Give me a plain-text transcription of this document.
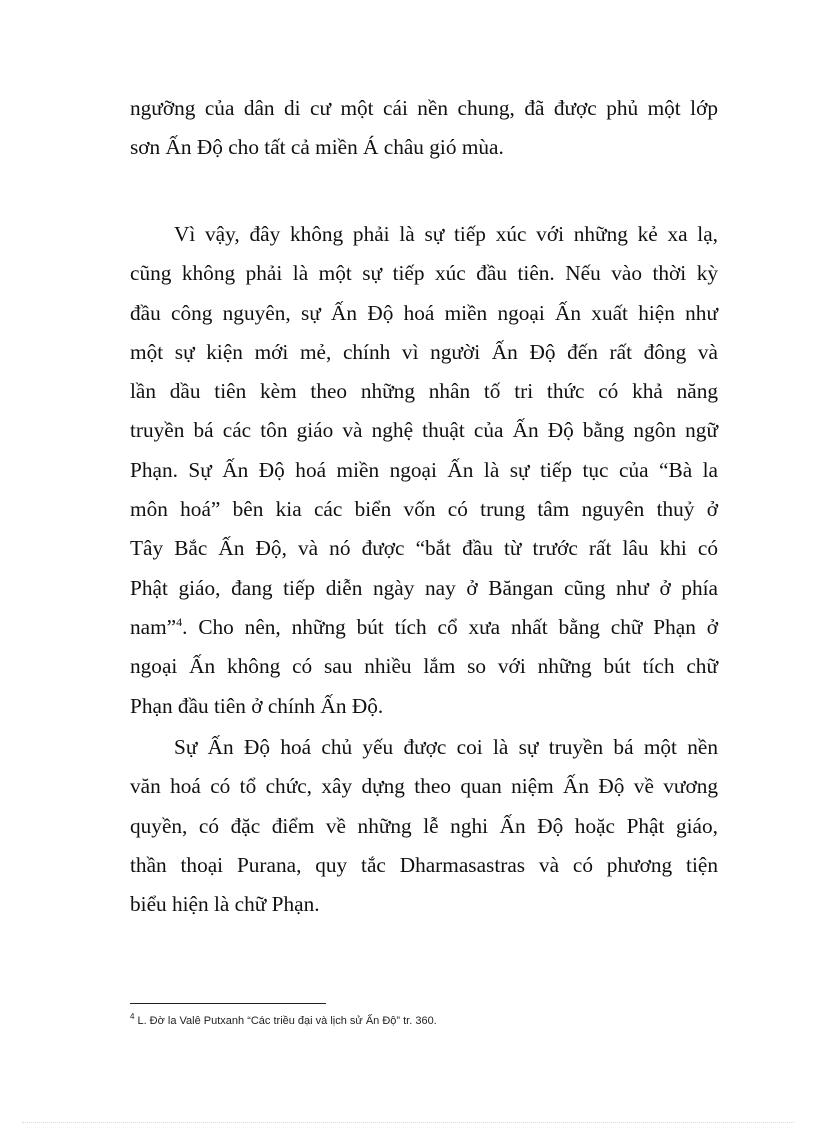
ngưỡng của dân di cư một cái nền chung, đã được phủ một lớp
sơn Ấn Độ cho tất cả miền Á châu gió mùa.
Vì vậy, đây không phải là sự tiếp xúc với những kẻ xa lạ,
cũng không phải là một sự tiếp xúc đầu tiên. Nếu vào thời kỳ
đầu công nguyên, sự Ấn Độ hoá miền ngoại Ấn xuất hiện như
một sự kiện mới mẻ, chính vì người Ấn Độ đến rất đông và
lần dầu tiên kèm theo những nhân tố tri thức có khả năng
truyền bá các tôn giáo và nghệ thuật của Ấn Độ bằng ngôn ngữ
Phạn. Sự Ấn Độ hoá miền ngoại Ấn là sự tiếp tục của “Bà la
môn hoá” bên kia các biển vốn có trung tâm nguyên thuỷ ở
Tây Bắc Ấn Độ, và nó được “bắt đầu từ trước rất lâu khi có
Phật giáo, đang tiếp diễn ngày nay ở Băngan cũng như ở phía
nam”$^4$. Cho nên, những bút tích cổ xưa nhất bằng chữ Phạn ở
ngoại Ấn không có sau nhiều lắm so với những bút tích chữ
Phạn đầu tiên ở chính Ấn Độ.
Sự Ấn Độ hoá chủ yếu được coi là sự truyền bá một nền
văn hoá có tổ chức, xây dựng theo quan niệm Ấn Độ về vương
quyền, có đặc điểm về những lễ nghi Ấn Độ hoặc Phật giáo,
thần thoại Purana, quy tắc Dharmasastras và có phương tiện
biểu hiện là chữ Phạn.
$^4$ L. Đờ la Valê Putxanh “Các triều đại và lịch sử Ấn Độ” tr. 360.
